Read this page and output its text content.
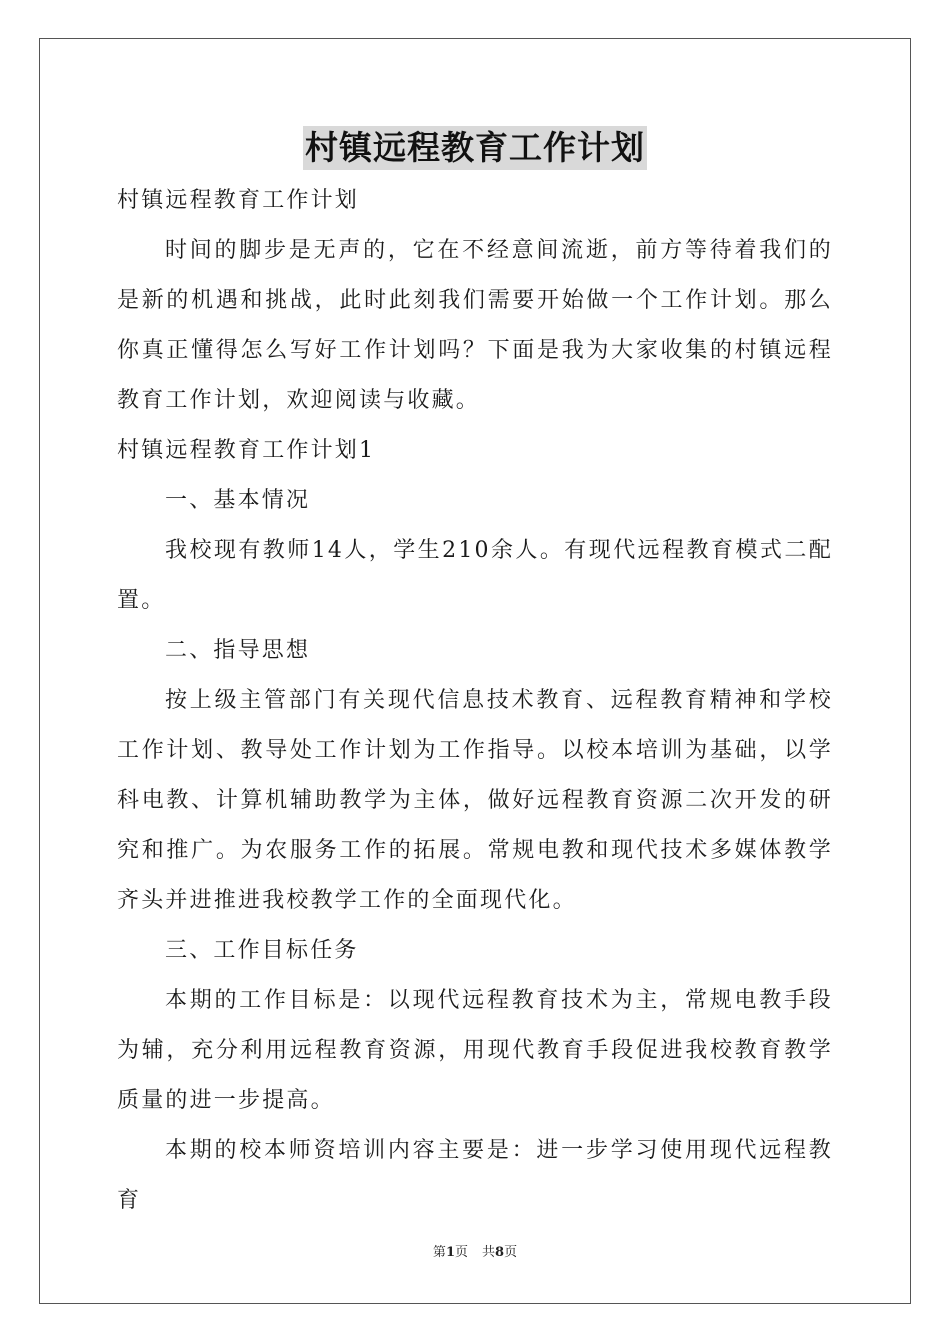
村镇远程教育工作计划

村镇远程教育工作计划

时间的脚步是无声的，它在不经意间流逝，前方等待着我们的是新的机遇和挑战，此时此刻我们需要开始做一个工作计划。那么你真正懂得怎么写好工作计划吗？下面是我为大家收集的村镇远程教育工作计划，欢迎阅读与收藏。

村镇远程教育工作计划1

一、基本情况

我校现有教师14人，学生210余人。有现代远程教育模式二配置。

二、指导思想

按上级主管部门有关现代信息技术教育、远程教育精神和学校工作计划、教导处工作计划为工作指导。以校本培训为基础，以学科电教、计算机辅助教学为主体，做好远程教育资源二次开发的研究和推广。为农服务工作的拓展。常规电教和现代技术多媒体教学齐头并进推进我校教学工作的全面现代化。

三、工作目标任务

本期的工作目标是：以现代远程教育技术为主，常规电教手段为辅，充分利用远程教育资源，用现代教育手段促进我校教育教学质量的进一步提高。

本期的校本师资培训内容主要是：进一步学习使用现代远程教育

第1页 共8页
